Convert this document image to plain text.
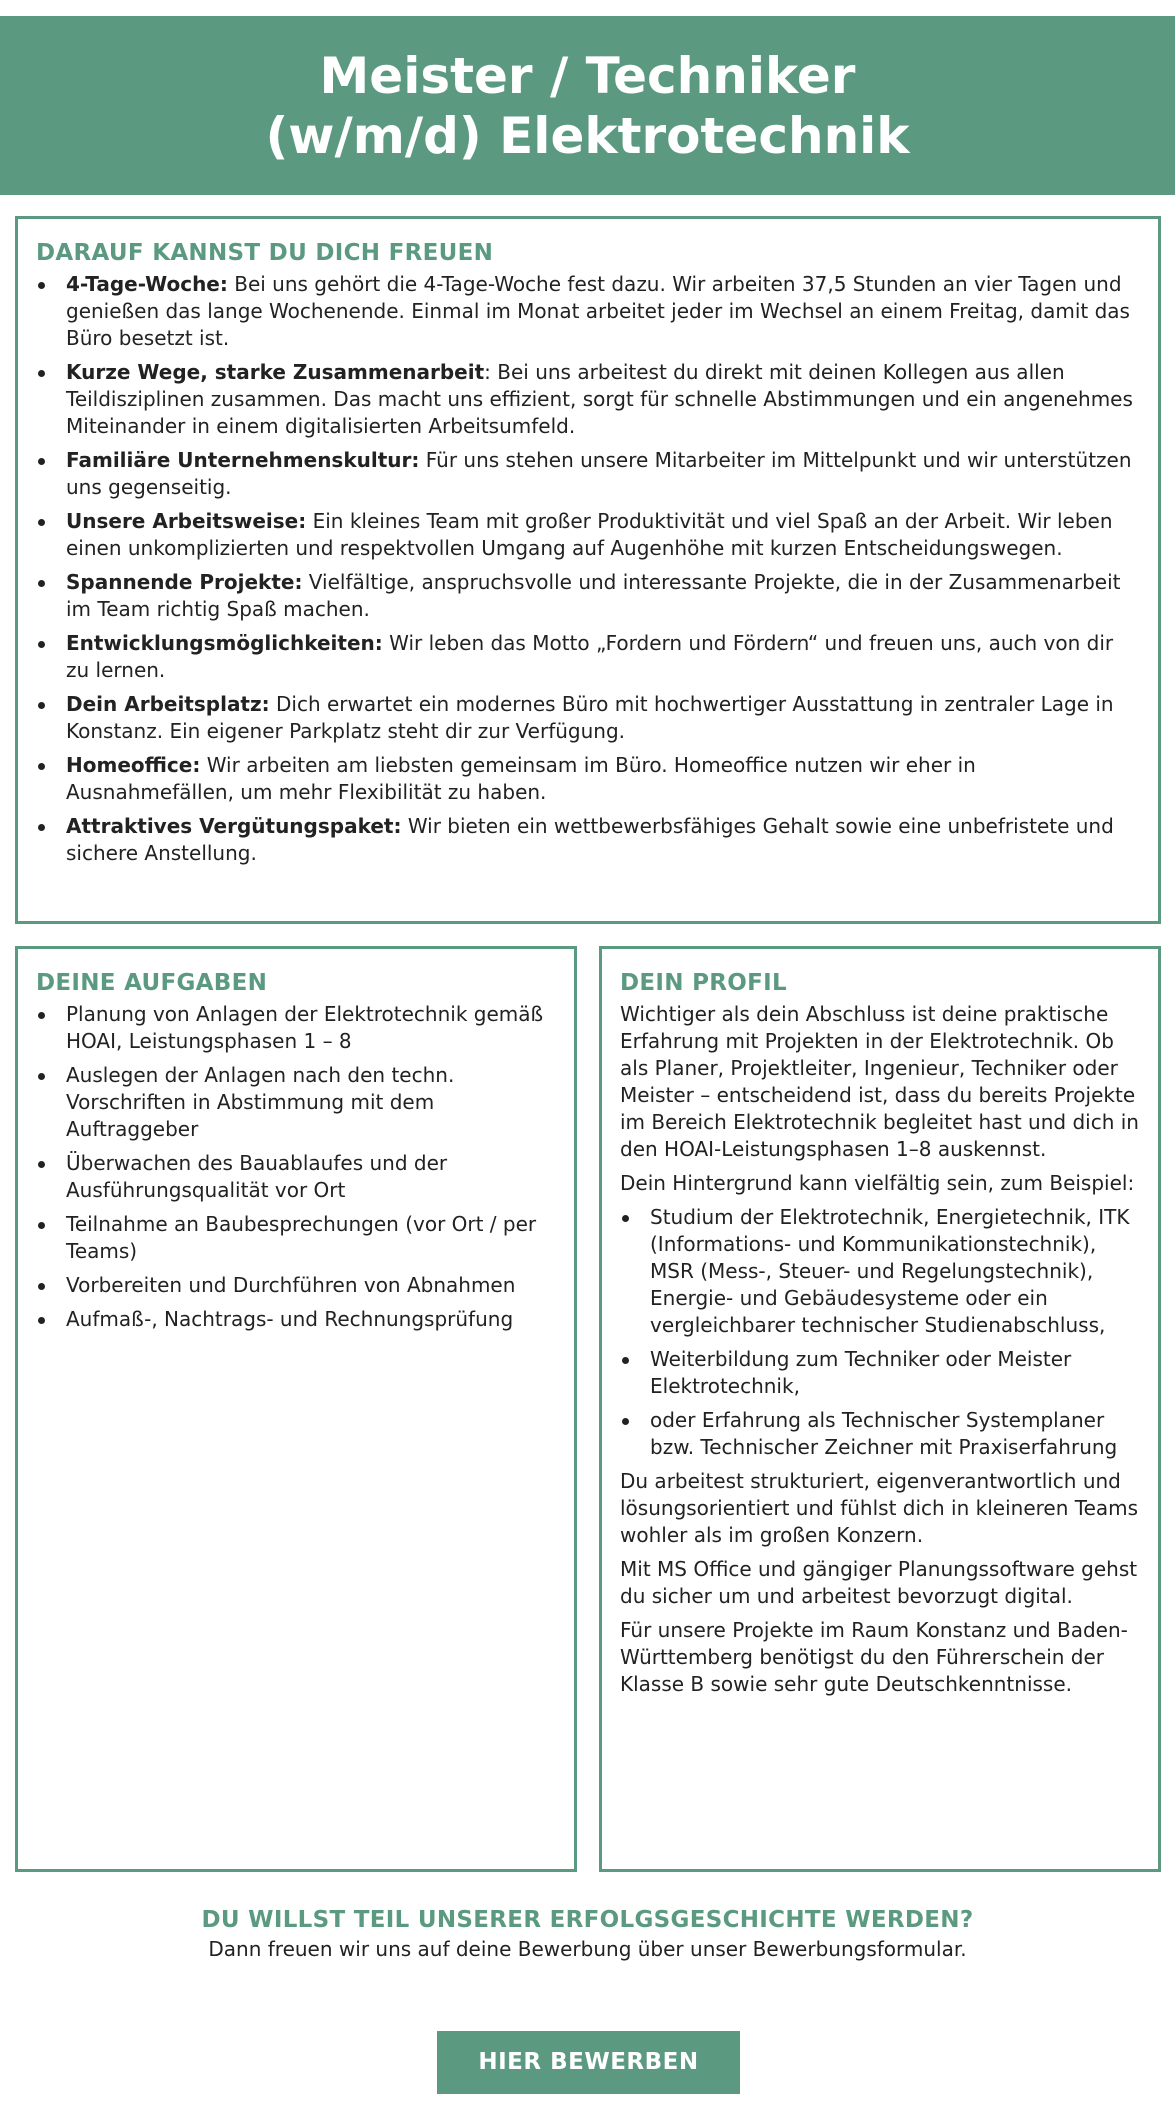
Meister / Techniker
(w/m/d) Elektrotechnik
DARAUF KANNST DU DICH FREUEN
4-Tage-Woche: Bei uns gehört die 4-Tage-Woche fest dazu. Wir arbeiten 37,5 Stunden an vier Tagen und genießen das lange Wochenende. Einmal im Monat arbeitet jeder im Wechsel an einem Freitag, damit das Büro besetzt ist.
Kurze Wege, starke Zusammenarbeit: Bei uns arbeitest du direkt mit deinen Kollegen aus allen Teildisziplinen zusammen. Das macht uns effizient, sorgt für schnelle Abstimmungen und ein angenehmes Miteinander in einem digitalisierten Arbeitsumfeld.
Familiäre Unternehmenskultur: Für uns stehen unsere Mitarbeiter im Mittelpunkt und wir unterstützen uns gegenseitig.
Unsere Arbeitsweise: Ein kleines Team mit großer Produktivität und viel Spaß an der Arbeit. Wir leben einen unkomplizierten und respektvollen Umgang auf Augenhöhe mit kurzen Entscheidungswegen.
Spannende Projekte: Vielfältige, anspruchsvolle und interessante Projekte, die in der Zusammenarbeit im Team richtig Spaß machen.
Entwicklungsmöglichkeiten: Wir leben das Motto „Fordern und Fördern“ und freuen uns, auch von dir zu lernen.
Dein Arbeitsplatz: Dich erwartet ein modernes Büro mit hochwertiger Ausstattung in zentraler Lage in Konstanz. Ein eigener Parkplatz steht dir zur Verfügung.
Homeoffice: Wir arbeiten am liebsten gemeinsam im Büro. Homeoffice nutzen wir eher in Ausnahmefällen, um mehr Flexibilität zu haben.
Attraktives Vergütungspaket: Wir bieten ein wettbewerbsfähiges Gehalt sowie eine unbefristete und sichere Anstellung.
DEINE AUFGABEN
Planung von Anlagen der Elektrotechnik gemäß HOAI, Leistungsphasen 1 – 8
Auslegen der Anlagen nach den techn. Vorschriften in Abstimmung mit dem Auftraggeber
Überwachen des Bauablaufes und der Ausführungsqualität vor Ort
Teilnahme an Baubesprechungen (vor Ort / per Teams)
Vorbereiten und Durchführen von Abnahmen
Aufmaß-, Nachtrags- und Rechnungsprüfung
DEIN PROFIL

Wichtiger als dein Abschluss ist deine praktische Erfahrung mit Projekten in der Elektrotechnik. Ob als Planer, Projektleiter, Ingenieur, Techniker oder Meister – entscheidend ist, dass du bereits Projekte im Bereich Elektrotechnik begleitet hast und dich in den HOAI-Leistungsphasen 1–8 auskennst.

Dein Hintergrund kann vielfältig sein, zum Beispiel:

Studium der Elektrotechnik, Energietechnik, ITK (Informations- und Kommunikationstechnik), MSR (Mess-, Steuer- und Regelungstechnik), Energie- und Gebäudesysteme oder ein vergleichbarer technischer Studienabschluss,
Weiterbildung zum Techniker oder Meister Elektrotechnik,
oder Erfahrung als Technischer Systemplaner bzw. Technischer Zeichner mit Praxiserfahrung

Du arbeitest strukturiert, eigenverantwortlich und lösungsorientiert und fühlst dich in kleineren Teams wohler als im großen Konzern.

Mit MS Office und gängiger Planungssoftware gehst du sicher um und arbeitest bevorzugt digital.

Für unsere Projekte im Raum Konstanz und Baden-Württemberg benötigst du den Führerschein der Klasse B sowie sehr gute Deutschkenntnisse.

DU WILLST TEIL UNSERER ERFOLGSGESCHICHTE WERDEN?

Dann freuen wir uns auf deine Bewerbung über unser Bewerbungsformular.

HIER BEWERBEN
